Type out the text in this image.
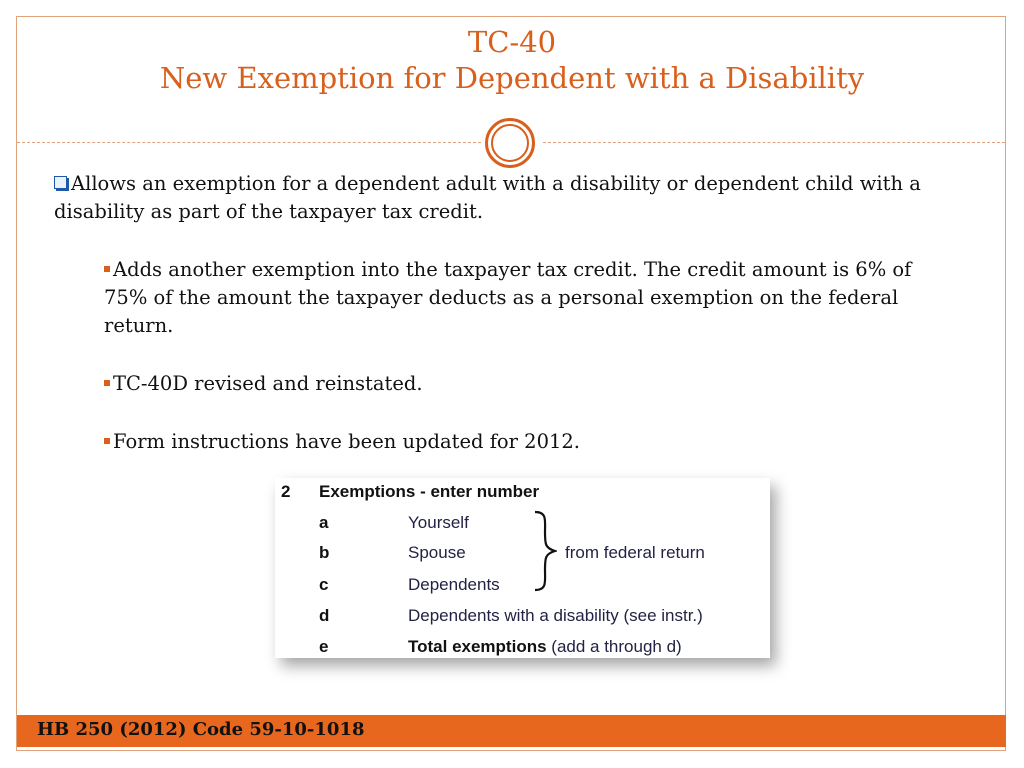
TC-40
New Exemption for Dependent with a Disability

Allows an exemption for a dependent adult with a disability or dependent child with a disability as part of the taxpayer tax credit.

Adds another exemption into the taxpayer tax credit. The credit amount is 6% of 75% of the amount the taxpayer deducts as a personal exemption on the federal return.

TC-40D revised and reinstated.

Form instructions have been updated for 2012.

2 Exemptions - enter number
a	Yourself
b	Spouse
c	Dependents
from federal return
d	Dependents with a disability (see instr.)
e	Total exemptions (add a through d)
HB 250 (2012) Code 59-10-1018
